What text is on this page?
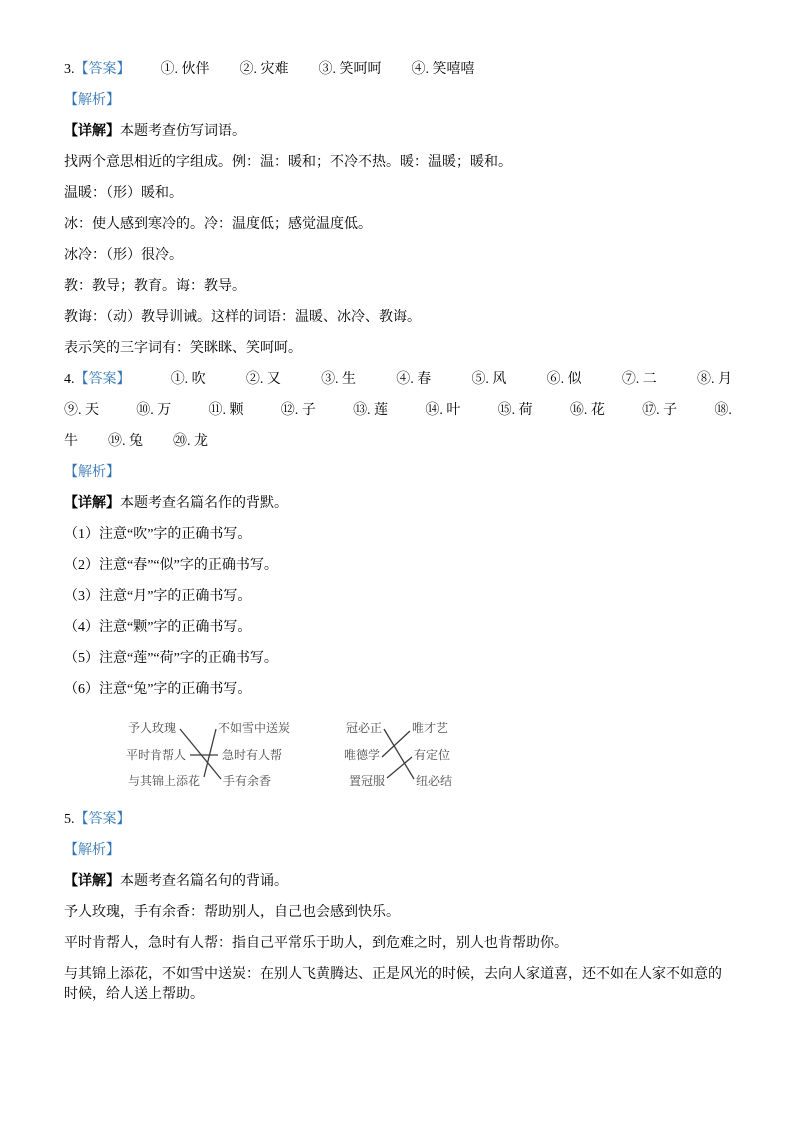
3.【答案】 ①. 伙伴 ②. 灾难 ③. 笑呵呵 ④. 笑嘻嘻

【解析】

【详解】本题考查仿写词语。

找两个意思相近的字组成。例：温：暖和；不冷不热。暖：温暖；暖和。

温暖：（形）暖和。

冰：使人感到寒冷的。冷：温度低；感觉温度低。

冰冷：（形）很冷。

教：教导；教育。诲：教导。

教诲：（动）教导训诫。这样的词语：温暖、冰冷、教诲。

表示笑的三字词有：笑眯眯、笑呵呵。

4.【答案】	①. 吹	②. 又	③. 生	④. 春	⑤. 风	⑥. 似	⑦. 二	⑧. 月
⑨. 天	⑩. 万	⑪. 颗	⑫. 子	⑬. 莲	⑭. 叶	⑮. 荷	⑯. 花	⑰. 子	⑱.
牛 ⑲. 兔 ⑳. 龙

【解析】

【详解】本题考查名篇名作的背默。

（1）注意“吹”字的正确书写。

（2）注意“春”“似”字的正确书写。

（3）注意“月”字的正确书写。

（4）注意“颗”字的正确书写。

（5）注意“莲”“荷”字的正确书写。

（6）注意“兔”字的正确书写。

予人玫瑰
平时肯帮人
与其锦上添花
不如雪中送炭
急时有人帮
手有余香
冠必正
唯德学
置冠服
唯才艺
有定位
纽必结

5.【答案】

【解析】

【详解】本题考查名篇名句的背诵。

予人玫瑰，手有余香：帮助别人，自己也会感到快乐。

平时肯帮人，急时有人帮：指自己平常乐于助人，到危难之时，别人也肯帮助你。

与其锦上添花，不如雪中送炭：在别人飞黄腾达、正是风光的时候，去向人家道喜，还不如在人家不如意的时候，给人送上帮助。
